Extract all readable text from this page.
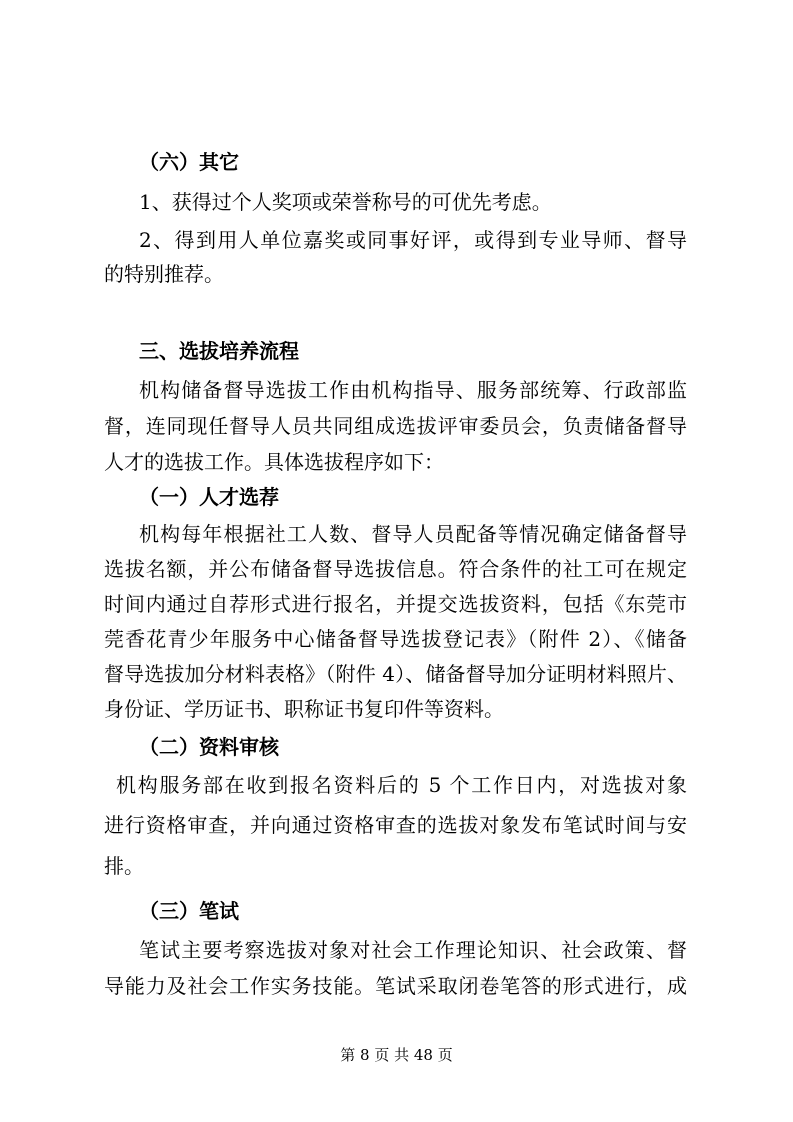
（六）其它
1、获得过个人奖项或荣誉称号的可优先考虑。
2、得到用人单位嘉奖或同事好评，或得到专业导师、督导
的特别推荐。
三、选拔培养流程
机构储备督导选拔工作由机构指导、服务部统筹、行政部监
督，连同现任督导人员共同组成选拔评审委员会，负责储备督导
人才的选拔工作。具体选拔程序如下：
（一）人才选荐
机构每年根据社工人数、督导人员配备等情况确定储备督导
选拔名额，并公布储备督导选拔信息。符合条件的社工可在规定
时间内通过自荐形式进行报名，并提交选拔资料，包括《东莞市
莞香花青少年服务中心储备督导选拔登记表》（附件 2）、《储备
督导选拔加分材料表格》（附件 4）、储备督导加分证明材料照片、
身份证、学历证书、职称证书复印件等资料。
（二）资料审核
机构服务部在收到报名资料后的 5 个工作日内，对选拔对象
进行资格审查，并向通过资格审查的选拔对象发布笔试时间与安
排。
（三）笔试
笔试主要考察选拔对象对社会工作理论知识、社会政策、督
导能力及社会工作实务技能。笔试采取闭卷笔答的形式进行，成
第 8 页 共 48 页
